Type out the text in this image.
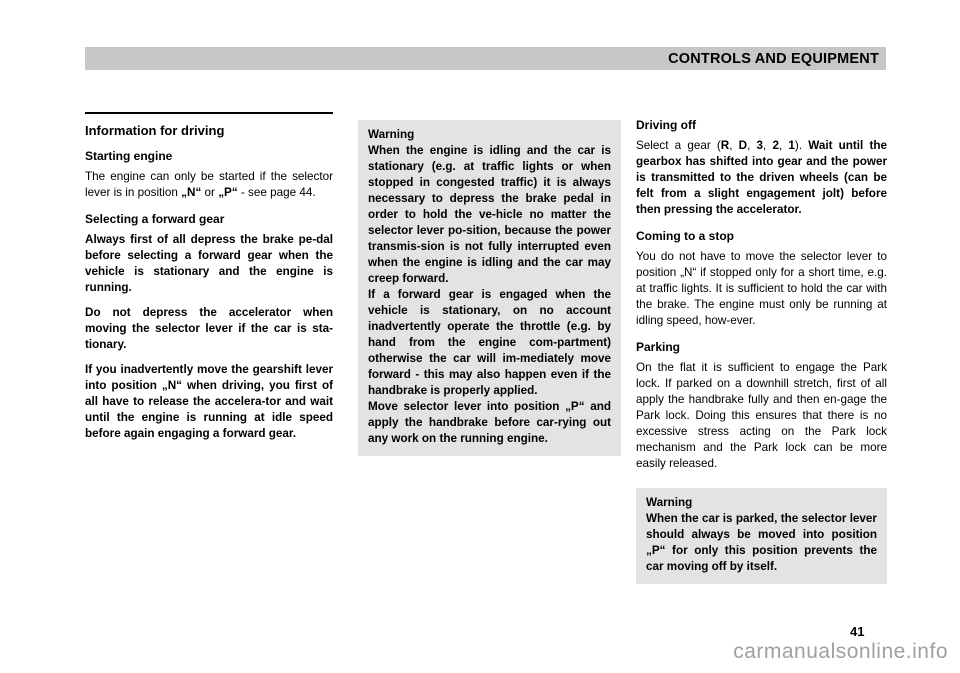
CONTROLS AND EQUIPMENT
Information for driving
Starting engine

The engine can only be started if the selector lever is in position „N“ or „P“ - see page 44.

Selecting a forward gear

Always first of all depress the brake pe-dal before selecting a forward gear when the vehicle is stationary and the engine is running.

Do not depress the accelerator when moving the selector lever if the car is sta-tionary.

If you inadvertently move the gearshift lever into position „N“ when driving, you first of all have to release the accelera-tor and wait until the engine is running at idle speed before again engaging a forward gear.

Warning

When the engine is idling and the car is stationary (e.g. at traffic lights or when stopped in congested traffic) it is always necessary to depress the brake pedal in order to hold the ve-hicle no matter the selector lever po-sition, because the power transmis-sion is not fully interrupted even when the engine is idling and the car may creep forward.

If a forward gear is engaged when the vehicle is stationary, on no account inadvertently operate the throttle (e.g. by hand from the engine com-partment) otherwise the car will im-mediately move forward - this may also happen even if the handbrake is properly applied.

Move selector lever into position „P“ and apply the handbrake before car-rying out any work on the running engine.

Driving off

Select a gear (R, D, 3, 2, 1). Wait until the gearbox has shifted into gear and the power is transmitted to the driven wheels (can be felt from a slight engagement jolt) before then pressing the accelerator.

Coming to a stop

You do not have to move the selector lever to position „N“ if stopped only for a short time, e.g. at traffic lights. It is sufficient to hold the car with the brake. The engine must only be running at idling speed, how-ever.

Parking

On the flat it is sufficient to engage the Park lock. If parked on a downhill stretch, first of all apply the handbrake fully and then en-gage the Park lock. Doing this ensures that there is no excessive stress acting on the Park lock mechanism and the Park lock can be more easily released.

Warning

When the car is parked, the selector lever should always be moved into position „P“ for only this position prevents the car moving off by itself.

41
carmanualsonline.info
